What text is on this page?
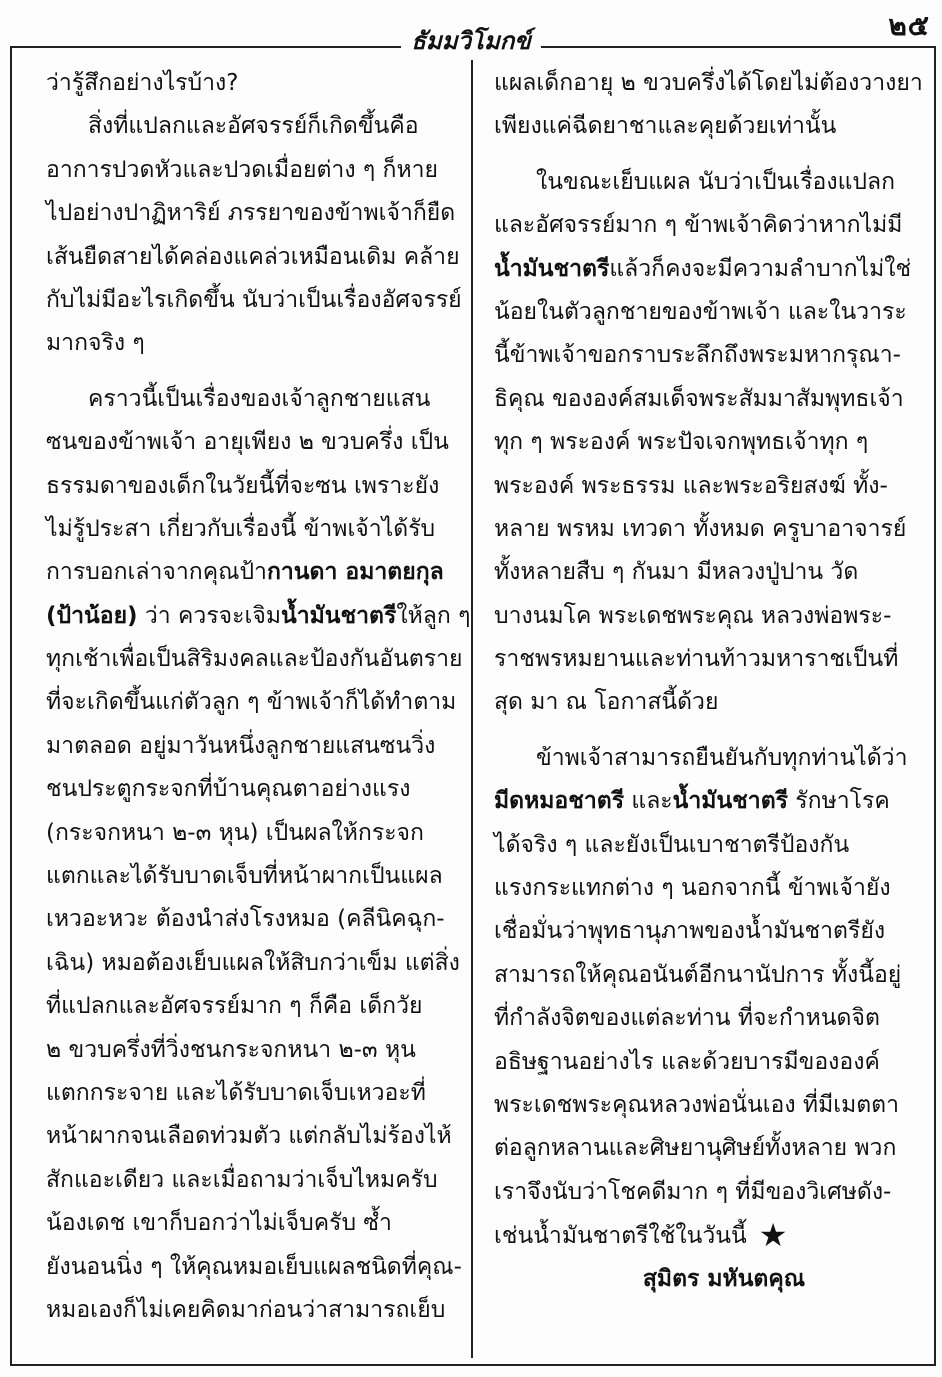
๒๕
ธัมมวิโมกข์
ว่ารู้สึกอย่างไรบ้าง?
สิ่งที่แปลกและอัศจรรย์ก็เกิดขึ้นคือ
อาการปวดหัวและปวดเมื่อยต่าง ๆ ก็หาย
ไปอย่างปาฏิหาริย์ ภรรยาของข้าพเจ้าก็ยืด
เส้นยืดสายได้คล่องแคล่วเหมือนเดิม คล้าย
กับไม่มีอะไรเกิดขึ้น นับว่าเป็นเรื่องอัศจรรย์
มากจริง ๆ
คราวนี้เป็นเรื่องของเจ้าลูกชายแสน
ซนของข้าพเจ้า อายุเพียง ๒ ขวบครึ่ง เป็น
ธรรมดาของเด็กในวัยนี้ที่จะซน เพราะยัง
ไม่รู้ประสา เกี่ยวกับเรื่องนี้ ข้าพเจ้าได้รับ
การบอกเล่าจากคุณป้ากานดา อมาตยกุล
(ป้าน้อย) ว่า ควรจะเจิมน้ำมันชาตรีให้ลูก ๆ
ทุกเช้าเพื่อเป็นสิริมงคลและป้องกันอันตราย
ที่จะเกิดขึ้นแก่ตัวลูก ๆ ข้าพเจ้าก็ได้ทำตาม
มาตลอด อยู่มาวันหนึ่งลูกชายแสนซนวิ่ง
ชนประตูกระจกที่บ้านคุณตาอย่างแรง
(กระจกหนา ๒-๓ หุน) เป็นผลให้กระจก
แตกและได้รับบาดเจ็บที่หน้าผากเป็นแผล
เหวอะหวะ ต้องนำส่งโรงหมอ (คลีนิคฉุก-
เฉิน) หมอต้องเย็บแผลให้สิบกว่าเข็ม แต่สิ่ง
ที่แปลกและอัศจรรย์มาก ๆ ก็คือ เด็กวัย
๒ ขวบครึ่งที่วิ่งชนกระจกหนา ๒-๓ หุน
แตกกระจาย และได้รับบาดเจ็บเหวอะที่
หน้าผากจนเลือดท่วมตัว แต่กลับไม่ร้องไห้
สักแอะเดียว และเมื่อถามว่าเจ็บไหมครับ
น้องเดช เขาก็บอกว่าไม่เจ็บครับ ซ้ำ
ยังนอนนิ่ง ๆ ให้คุณหมอเย็บแผลชนิดที่คุณ-
หมอเองก็ไม่เคยคิดมาก่อนว่าสามารถเย็บ
แผลเด็กอายุ ๒ ขวบครึ่งได้โดยไม่ต้องวางยา
เพียงแค่ฉีดยาชาและคุยด้วยเท่านั้น
ในขณะเย็บแผล นับว่าเป็นเรื่องแปลก
และอัศจรรย์มาก ๆ ข้าพเจ้าคิดว่าหากไม่มี
น้ำมันชาตรีแล้วก็คงจะมีความลำบากไม่ใช่
น้อยในตัวลูกชายของข้าพเจ้า และในวาระ
นี้ข้าพเจ้าขอกราบระลึกถึงพระมหากรุณา-
ธิคุณ ขององค์สมเด็จพระสัมมาสัมพุทธเจ้า
ทุก ๆ พระองค์ พระปัจเจกพุทธเจ้าทุก ๆ
พระองค์ พระธรรม และพระอริยสงฆ์ ทั้ง-
หลาย พรหม เทวดา ทั้งหมด ครูบาอาจารย์
ทั้งหลายสืบ ๆ กันมา มีหลวงปู่ปาน วัด
บางนมโค พระเดชพระคุณ หลวงพ่อพระ-
ราชพรหมยานและท่านท้าวมหาราชเป็นที่
สุด มา ณ โอกาสนี้ด้วย
ข้าพเจ้าสามารถยืนยันกับทุกท่านได้ว่า
มีดหมอชาตรี และน้ำมันชาตรี รักษาโรค
ได้จริง ๆ และยังเป็นเบาชาตรีป้องกัน
แรงกระแทกต่าง ๆ นอกจากนี้ ข้าพเจ้ายัง
เชื่อมั่นว่าพุทธานุภาพของน้ำมันชาตรียัง
สามารถให้คุณอนันต์อีกนานัปการ ทั้งนี้อยู่
ที่กำลังจิตของแต่ละท่าน ที่จะกำหนดจิต
อธิษฐานอย่างไร และด้วยบารมีขององค์
พระเดชพระคุณหลวงพ่อนั่นเอง ที่มีเมตตา
ต่อลูกหลานและศิษยานุศิษย์ทั้งหลาย พวก
เราจึงนับว่าโชคดีมาก ๆ ที่มีของวิเศษดัง-
เช่นน้ำมันชาตรีใช้ในวันนี้ ★
สุมิตร มหันตคุณ
